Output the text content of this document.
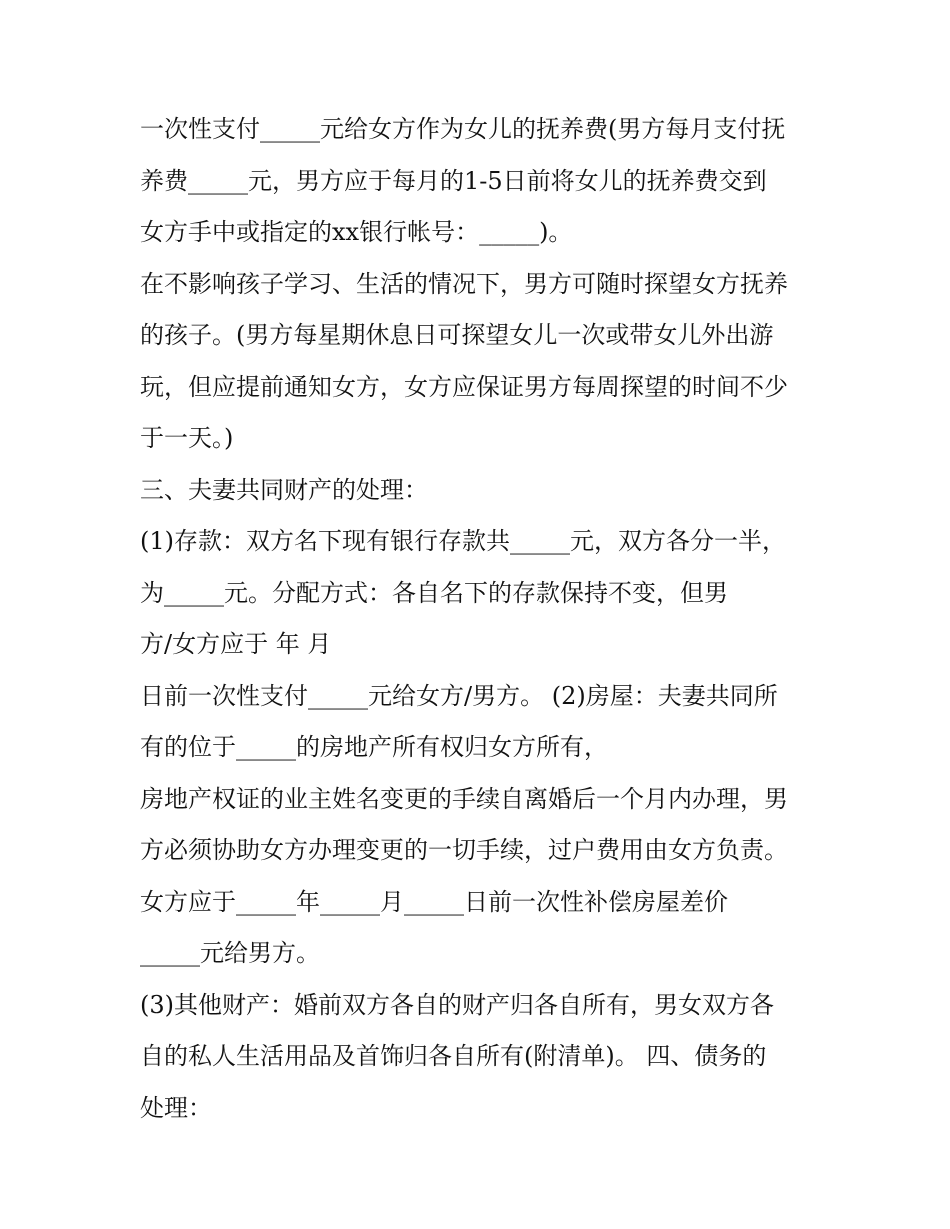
一次性支付_____元给女方作为女儿的抚养费(男方每月支付抚
养费_____元，男方应于每月的1-5日前将女儿的抚养费交到
女方手中或指定的xx银行帐号：_____)。
在不影响孩子学习、生活的情况下，男方可随时探望女方抚养
的孩子。(男方每星期休息日可探望女儿一次或带女儿外出游
玩，但应提前通知女方，女方应保证男方每周探望的时间不少
于一天。)
三、夫妻共同财产的处理：
(1)存款：双方名下现有银行存款共_____元，双方各分一半，
为_____元。分配方式：各自名下的存款保持不变，但男
方/女方应于 年 月
日前一次性支付_____元给女方/男方。 (2)房屋：夫妻共同所
有的位于_____的房地产所有权归女方所有，
房地产权证的业主姓名变更的手续自离婚后一个月内办理，男
方必须协助女方办理变更的一切手续，过户费用由女方负责。
女方应于_____年_____月_____日前一次性补偿房屋差价
_____元给男方。
(3)其他财产：婚前双方各自的财产归各自所有，男女双方各
自的私人生活用品及首饰归各自所有(附清单)。 四、债务的
处理：
